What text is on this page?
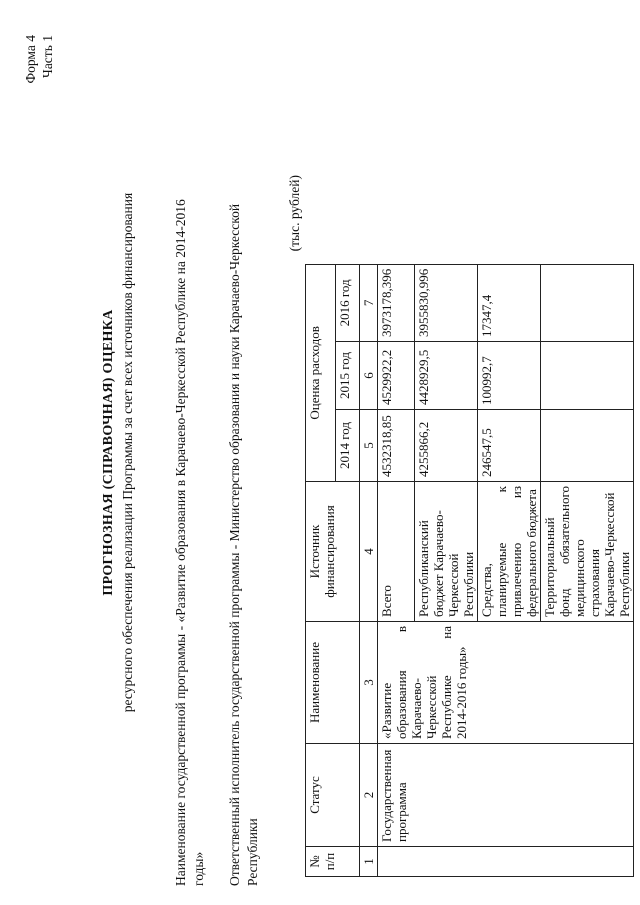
Форма 4 Часть 1
ПРОГНОЗНАЯ (СПРАВОЧНАЯ) ОЦЕНКА ресурсного обеспечения реализации Программы за счет всех источников финансирования	Наименование государственной программы - «Развитие образования в Карачаево-Черкесской Республике на 2014-2016 годы» Ответственный исполнитель государственной программы - Министерство образования и науки Карачаево-Черкесской Республики
(тыс. рублей)
№ п/п	Статус	Наименование	Источник финансирования	Оценка расходов		
				2014 год	2015 год	2016 год
1	2	3	4	5	6	7
	Государственная программа	«Развитие образования в Карачаево-Черкесской Республике на 2014-2016 годы»	Всего	4532318,85	4529922,2	3973178,396
			Республиканский бюджет Карачаево-Черкесской Республики	4255866,2	4428929,5	3955830,996
			Средства, планируемые к привлечению из федерального бюджета	246547,5	100992,7	17347,4
			Территориальный фонд обязательного медицинского страхования Карачаево-Черкесской Республики			
